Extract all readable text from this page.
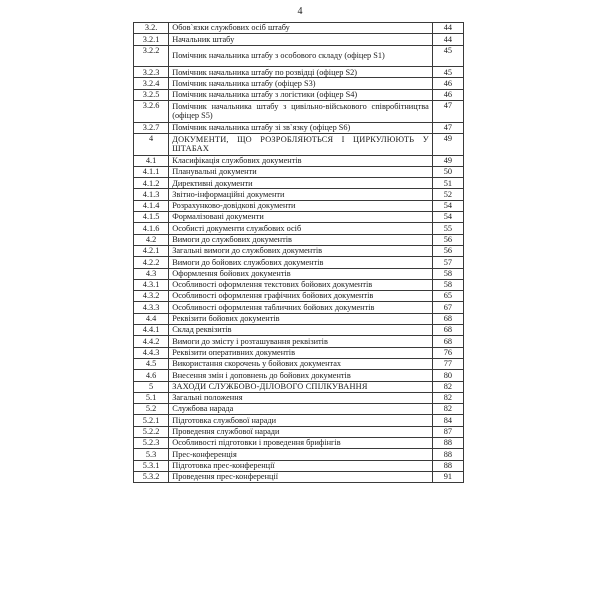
4
3.2.	Обов`язки службових осіб штабу	44
3.2.1	Начальник штабу	44
3.2.2	Помічник начальника штабу з особового складу (офіцер S1)	45
3.2.3	Помічник начальника штабу по розвідці (офіцер S2)	45
3.2.4	Помічник начальника штабу (офіцер S3)	46
3.2.5	Помічник начальника штабу з логістики (офіцер S4)	46
3.2.6	Помічник начальника штабу з цивільно-військового співробітництва (офіцер S5)	47
3.2.7	Помічник начальника штабу зі зв`язку (офіцер S6)	47
4	ДОКУМЕНТИ, ЩО РОЗРОБЛЯЮТЬСЯ І ЦИРКУЛЮЮТЬ У ШТАБАХ	49
4.1	Класифікація службових документів	49
4.1.1	Планувальні документи	50
4.1.2	Директивні документи	51
4.1.3	Звітно-інформаційні документи	52
4.1.4	Розрахунково-довідкові документи	54
4.1.5	Формалізовані документи	54
4.1.6	Особисті документи службових осіб	55
4.2	Вимоги до службових документів	56
4.2.1	Загальні вимоги до службових документів	56
4.2.2	Вимоги до бойових службових документів	57
4.3	Оформлення бойових документів	58
4.3.1	Особливості оформлення текстових бойових документів	58
4.3.2	Особливості оформлення графічних бойових документів	65
4.3.3	Особливості оформлення табличних бойових документів	67
4.4	Реквізити бойових документів	68
4.4.1	Склад реквізитів	68
4.4.2	Вимоги до змісту і розташування реквізитів	68
4.4.3	Реквізити оперативних документів	76
4.5	Використання скорочень у бойових документах	77
4.6	Внесення змін і доповнень до бойових документів	80
5	ЗАХОДИ СЛУЖБОВО-ДІЛОВОГО СПІЛКУВАННЯ	82
5.1	Загальні положення	82
5.2	Службова нарада	82
5.2.1	Підготовка службової наради	84
5.2.2	Проведення службової наради	87
5.2.3	Особливості підготовки і проведення брифінгів	88
5.3	Прес-конференція	88
5.3.1	Підготовка прес-конференції	88
5.3.2	Проведення прес-конференції	91
